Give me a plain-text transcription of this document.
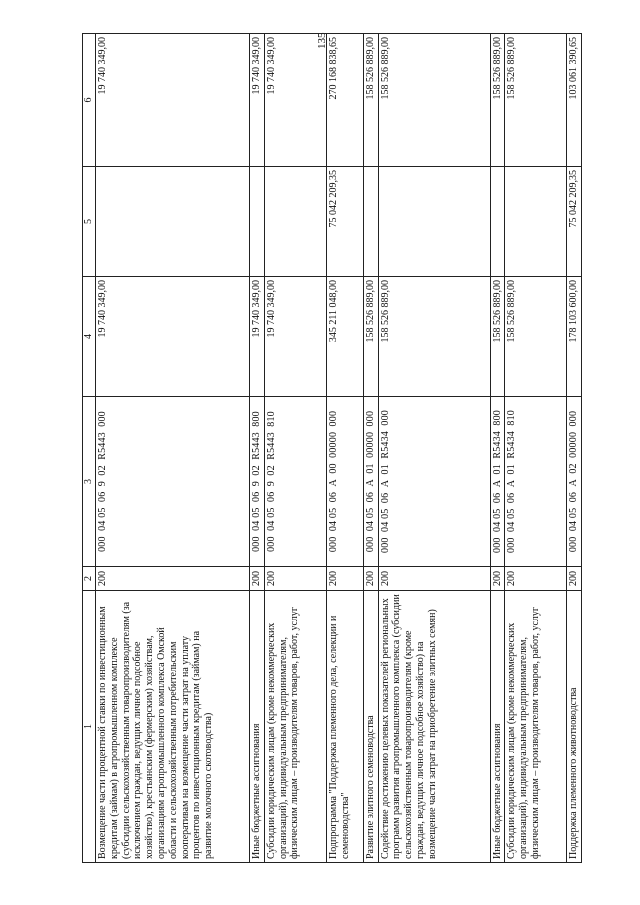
135
1	2	3	4	5	6
Возмещение части процентной ставки по инвестиционным кредитам (займам) в агропромышленном комплексе (субсидии сельскохозяйственным товаропроизводителям (за исключением граждан, ведущих личное подсобное хозяйство), крестьянским (фермерским) хозяйствам, организациям агропромышленного комплекса Омской области и сельскохозяйственным потребительским кооперативам на возмещение части затрат на уплату процентов по инвестиционным кредитам (займам) на развитие молочного скотоводства)	200	000  04 05  06  9  02  R5443  000	19 740 349,00		19 740 349,00
Иные бюджетные ассигнования	200	000  04 05  06  9  02  R5443  800	19 740 349,00		19 740 349,00
Субсидии юридическим лицам (кроме некоммерческих организаций), индивидуальным предпринимателям, физическим лицам – производителям товаров, работ, услуг	200	000  04 05  06  9  02  R5443  810	19 740 349,00		19 740 349,00
Подпрограмма "Поддержка племенного дела, селекции и семеноводства"	200	000  04 05  06  А  00  00000  000	345 211 048,00	75 042 209,35	270 168 838,65
Развитие элитного семеноводства	200	000  04 05  06  А  01  00000  000	158 526 889,00		158 526 889,00
Содействие достижению целевых показателей региональных программ развития агропромышленного комплекса (субсидии сельскохозяйственным товаропроизводителям (кроме граждан, ведущих личное подсобное хозяйство) на возмещение части затрат на приобретение элитных семян)	200	000  04 05  06  А  01  R5434  000	158 526 889,00		158 526 889,00
Иные бюджетные ассигнования	200	000  04 05  06  А  01  R5434  800	158 526 889,00		158 526 889,00
Субсидии юридическим лицам (кроме некоммерческих организаций), индивидуальным предпринимателям, физическим лицам – производителям товаров, работ, услуг	200	000  04 05  06  А  01  R5434  810	158 526 889,00		158 526 889,00
Поддержка племенного животноводства	200	000  04 05  06  А  02  00000  000	178 103 600,00	75 042 209,35	103 061 390,65
